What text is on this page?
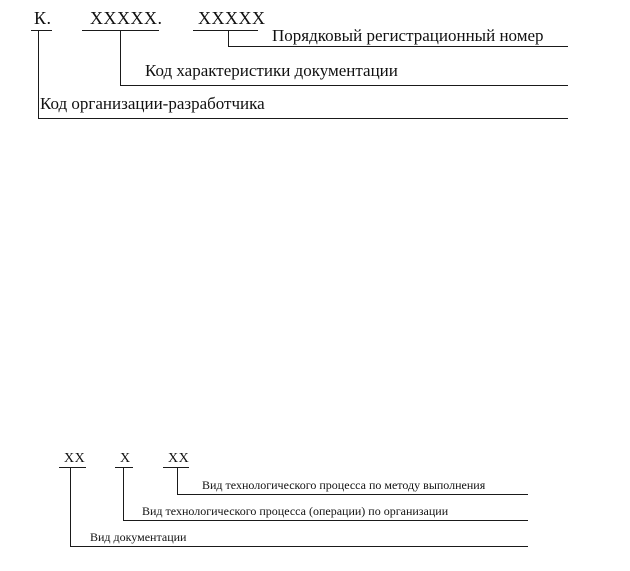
К. ХХХХХ. ХХХХХ
Порядковый регистрационный номер
Код характеристики документации
Код организации-разработчика
ХХ Х	ХХ
Вид технологического процесса по методу выполнения
Вид технологического процесса (операции) по организации
Вид документации
